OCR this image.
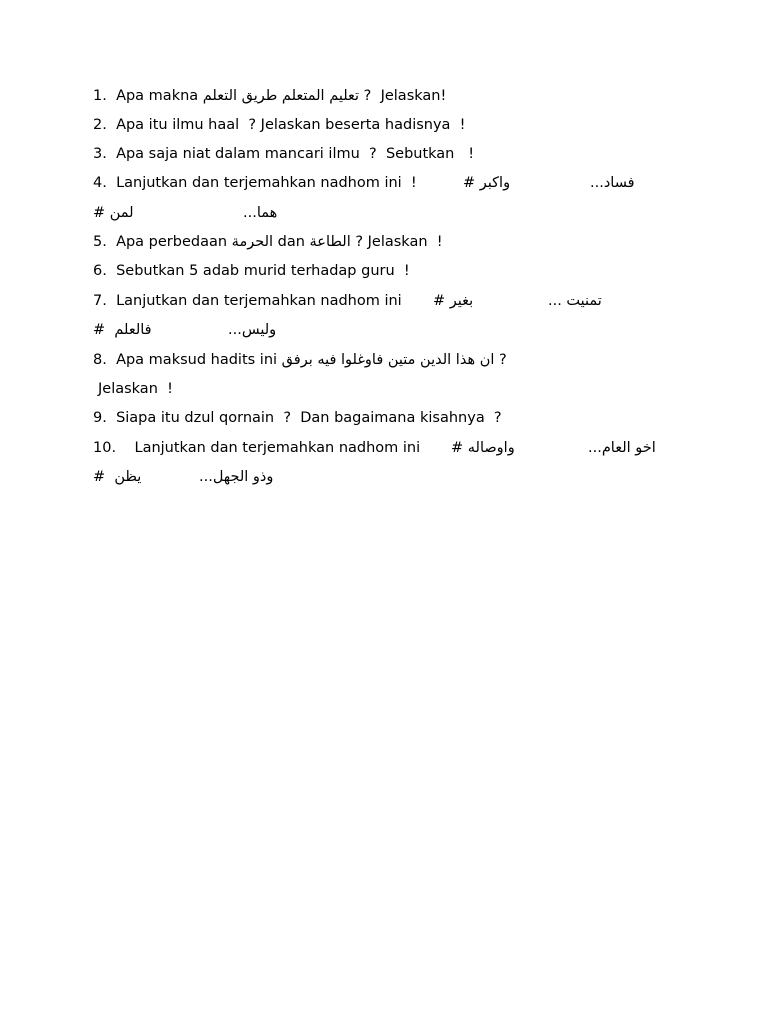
1. Apa makna تعليم المتعلم طريق التعلم ?  Jelaskan!
2. Apa itu ilmu haal  ? Jelaskan beserta hadisnya  !
3. Apa saja niat dalam mancari ilmu  ?  Sebutkan   !
4. Lanjutkan dan terjemahkan nadhom ini  !	واكبر #	فساد...
لمن #	هما...
5. Apa perbedaan الحرمة dan الطاعة ? Jelaskan  !
6. Sebutkan 5 adab murid terhadap guru  !
7. Lanjutkan dan terjemahkan nadhom ini بغير #	تمنيت ...
فالعلم  #	وليس...
8. Apa maksud hadits ini ان هذا الدين متين فاوغلوا فيه برفق ?
Jelaskan  !
9. Siapa itu dzul qornain  ?  Dan bagaimana kisahnya  ?
10. Lanjutkan dan terjemahkan nadhom ini واوصاله #	اخو العام...
يظن  #	وذو الجهل...
